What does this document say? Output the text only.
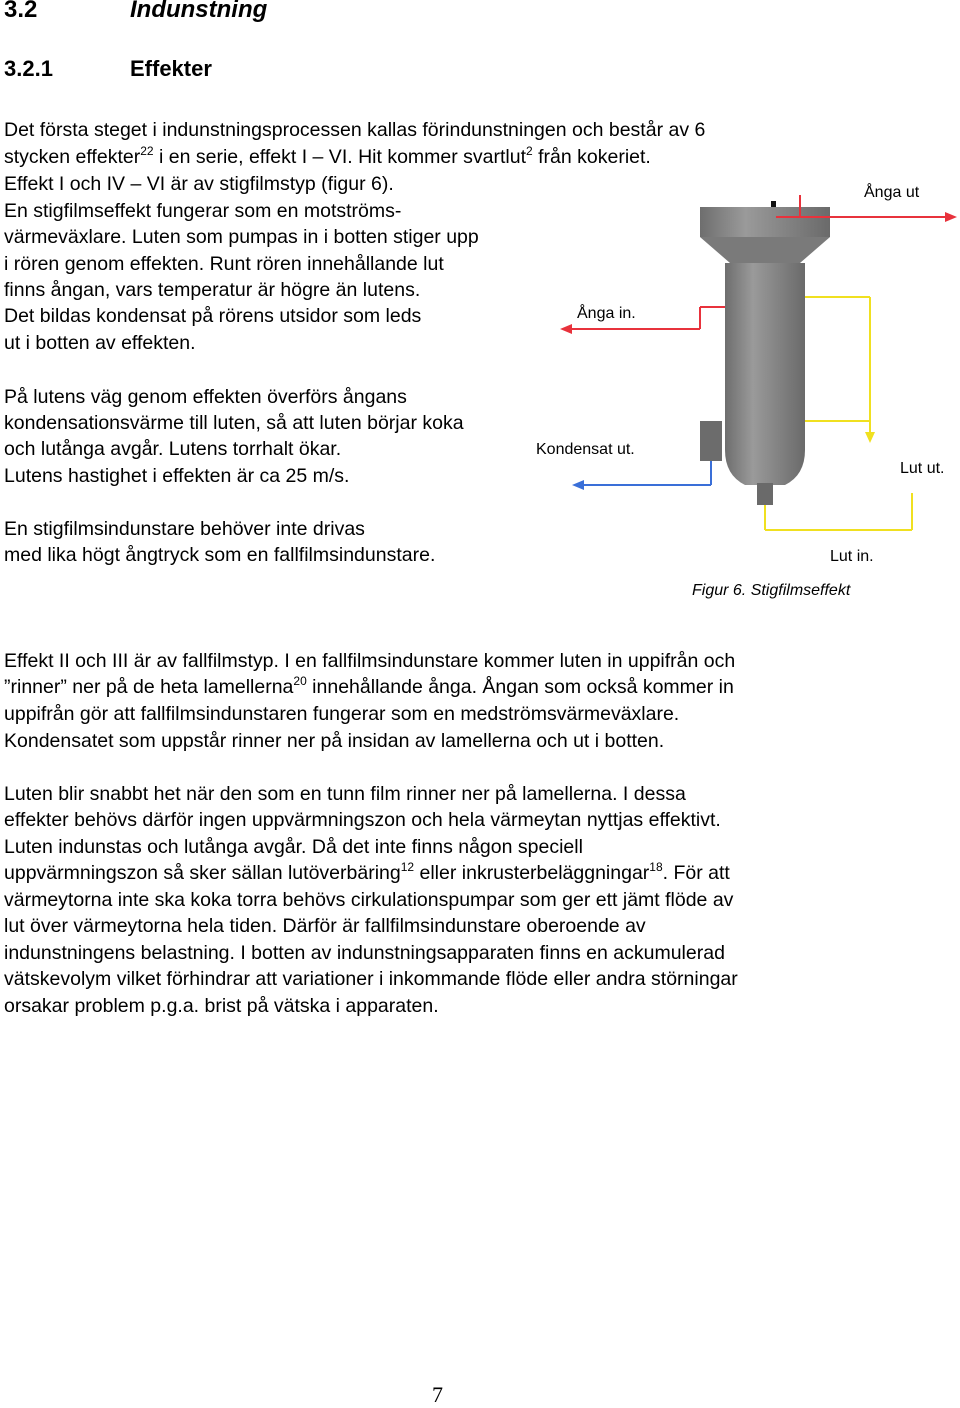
3.2	Indunstning
3.2.1	Effekter
Det första steget i indunstningsprocessen kallas förindunstningen och består av 6
stycken effekter$^{22}$ i en serie, effekt I – VI. Hit kommer svartlut$^2$ från kokeriet.
Effekt I och IV – VI är av stigfilmstyp (figur 6).
En stigfilmseffekt fungerar som en motströms-
värmeväxlare. Luten som pumpas in i botten stiger upp
i rören genom effekten. Runt rören innehållande lut
finns ångan, vars temperatur är högre än lutens.
Det bildas kondensat på rörens utsidor som leds
ut i botten av effekten.
På lutens väg genom effekten överförs ångans
kondensationsvärme till luten, så att luten börjar koka
och lutånga avgår. Lutens torrhalt ökar.
Lutens hastighet i effekten är ca 25 m/s.
En stigfilmsindunstare behöver inte drivas
med lika högt ångtryck som en fallfilmsindunstare.
Ånga ut
Ånga in.
Kondensat ut.
Lut ut.
Lut in.
Figur 6. Stigfilmseffekt
Effekt II och III är av fallfilmstyp. I en fallfilmsindunstare kommer luten in uppifrån och
”rinner” ner på de heta lamellerna$^{20}$ innehållande ånga. Ångan som också kommer in
uppifrån gör att fallfilmsindunstaren fungerar som en medströmsvärmeväxlare.
Kondensatet som uppstår rinner ner på insidan av lamellerna och ut i botten.
Luten blir snabbt het när den som en tunn film rinner ner på lamellerna. I dessa
effekter behövs därför ingen uppvärmningszon och hela värmeytan nyttjas effektivt.
Luten indunstas och lutånga avgår. Då det inte finns någon speciell
uppvärmningszon så sker sällan lutöverbäring$^{12}$ eller inkrusterbeläggningar$^{18}$. För att
värmeytorna inte ska koka torra behövs cirkulationspumpar som ger ett jämt flöde av
lut över värmeytorna hela tiden. Därför är fallfilmsindunstare oberoende av
indunstningens belastning. I botten av indunstningsapparaten finns en ackumulerad
vätskevolym vilket förhindrar att variationer i inkommande flöde eller andra störningar
orsakar problem p.g.a. brist på vätska i apparaten.
7
